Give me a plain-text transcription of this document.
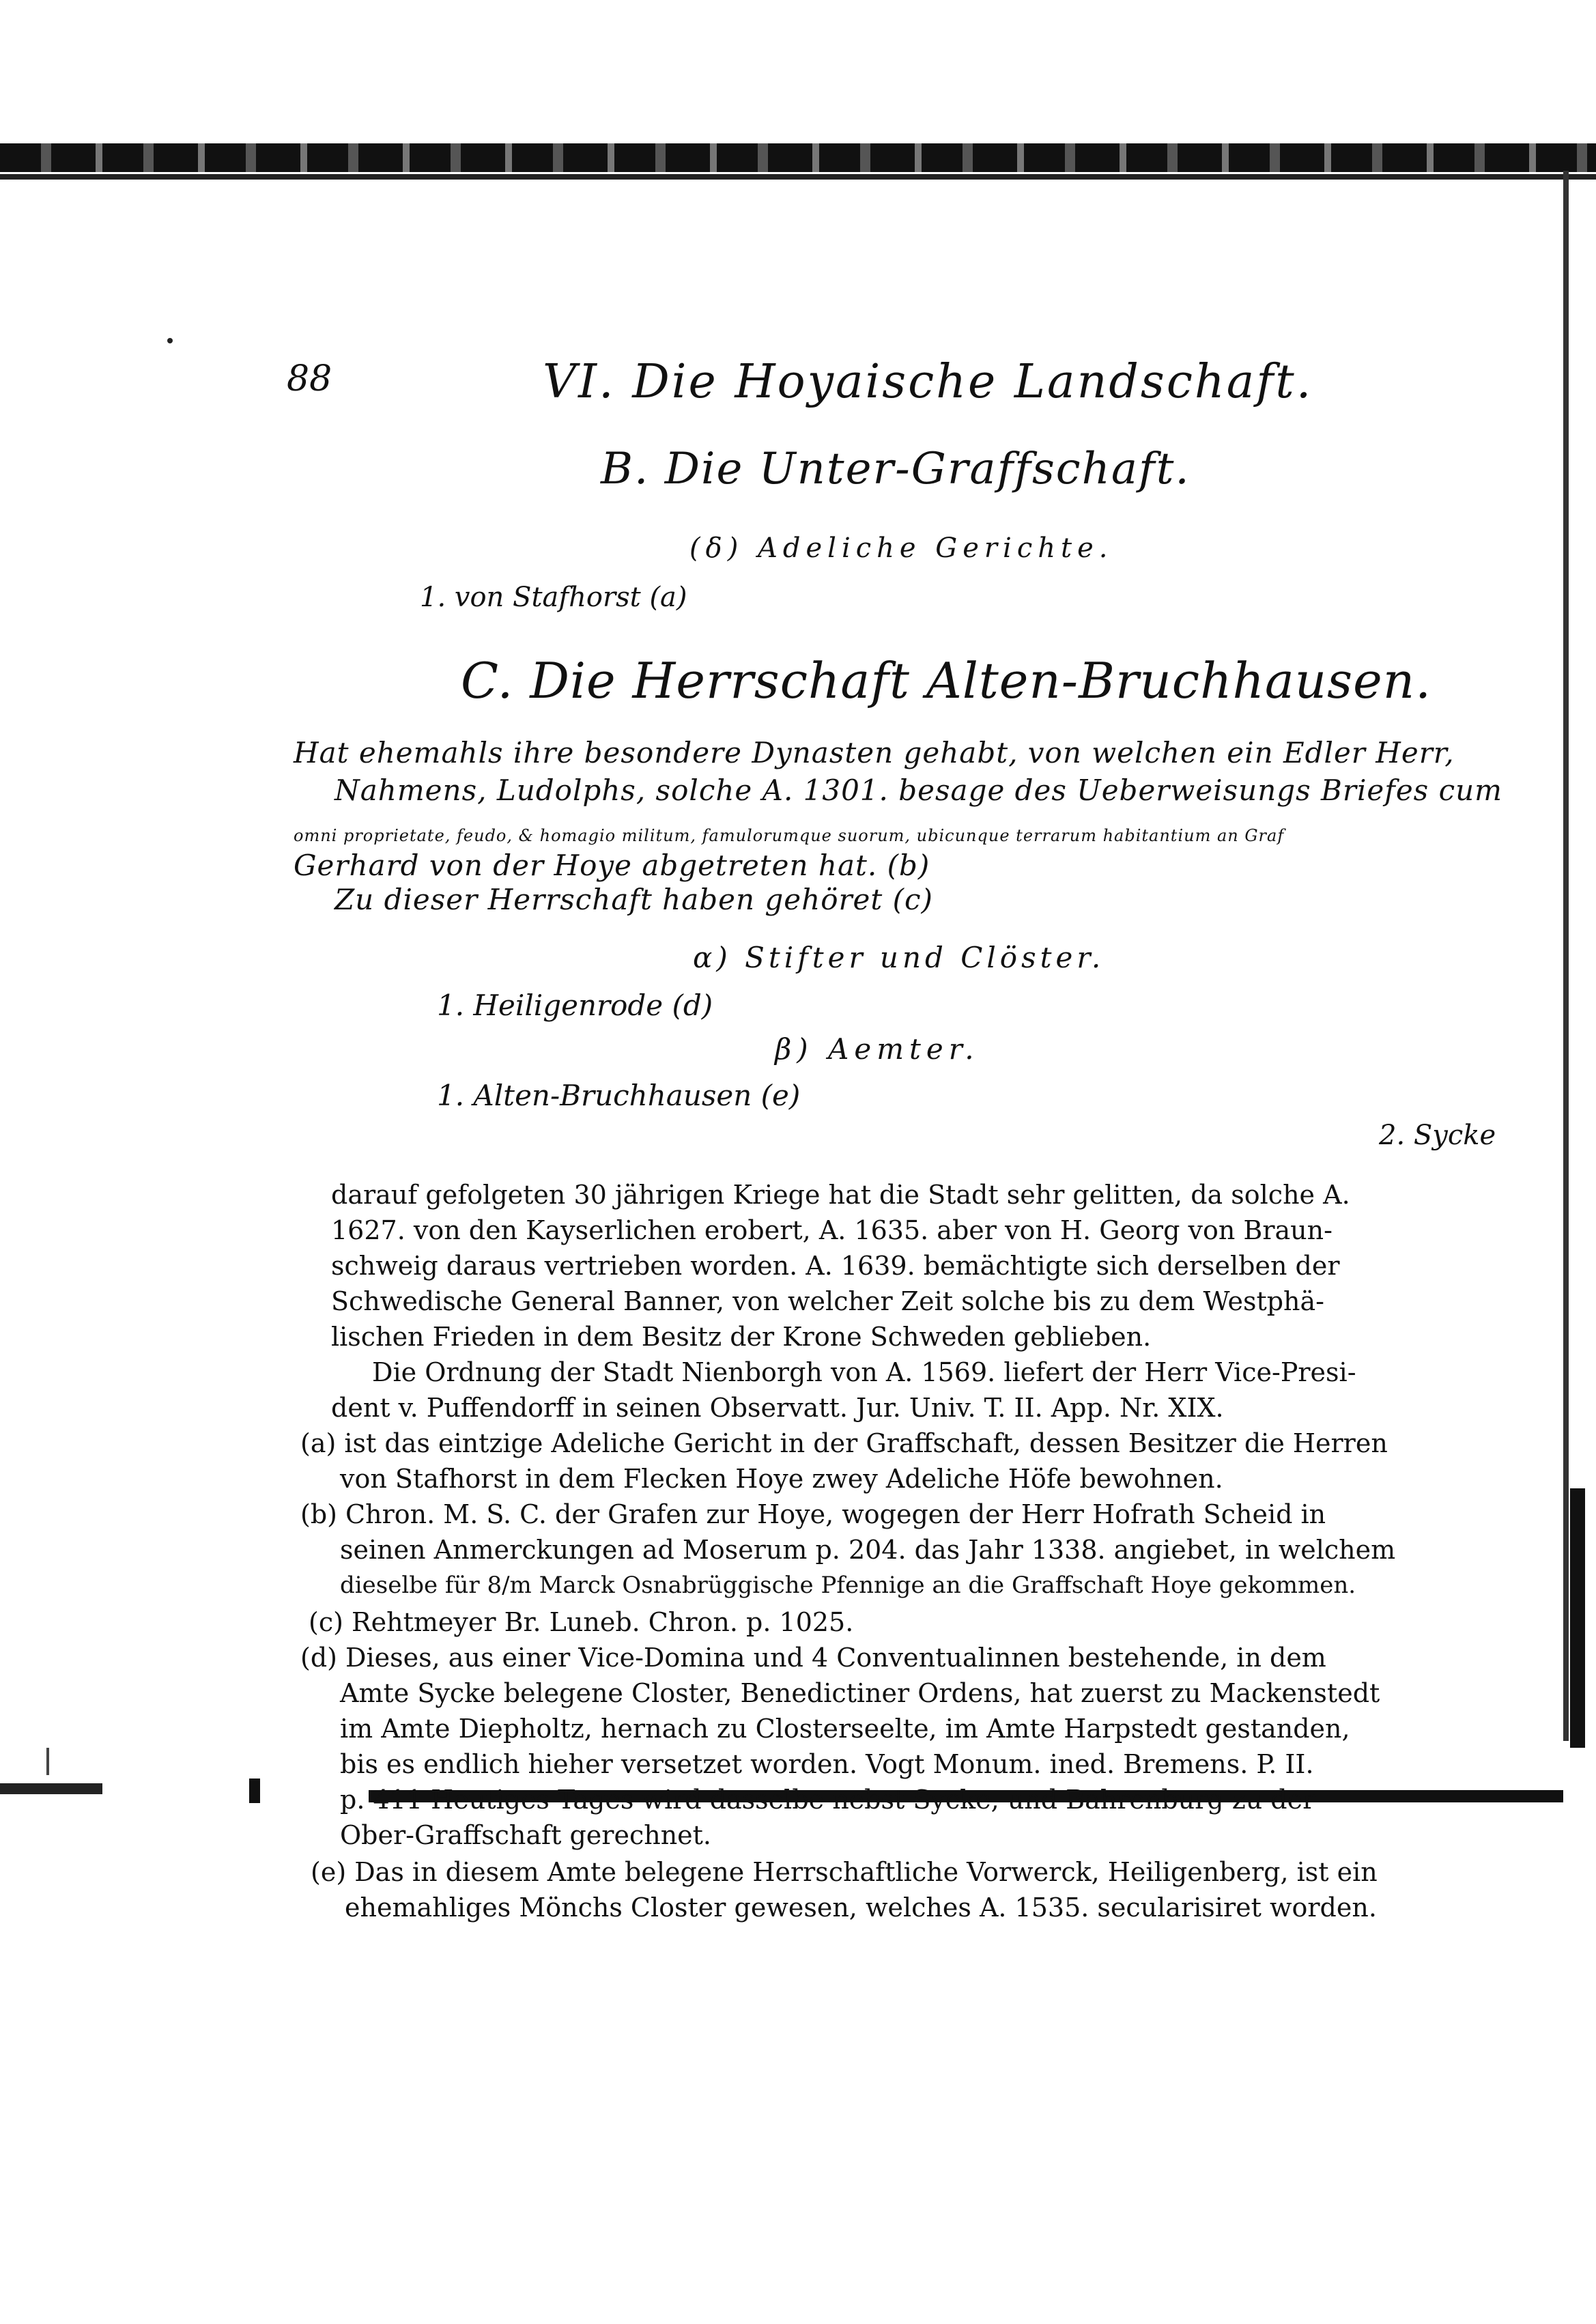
88	VI. Die Hoyaische Landschaft.
B. Die Unter-Graffschaft.
(δ) Adeliche Gerichte.
1. von Stafhorst (a)
C. Die Herrschaft Alten-Bruchhausen.
Hat ehemahls ihre besondere Dynasten gehabt, von welchen ein Edler Herr,
Nahmens, Ludolphs, solche A. 1301. besage des Ueberweisungs Briefes cum
omni proprietate, feudo, & homagio militum, famulorumque suorum, ubicunque terrarum habitantium an Graf
Gerhard von der Hoye abgetreten hat. (b)
Zu dieser Herrschaft haben gehöret (c)
α) Stifter und Clöster.
1. Heiligenrode (d)
β) Aemter.
1. Alten-Bruchhausen (e)
2. Sycke
darauf gefolgeten 30 jährigen Kriege hat die Stadt sehr gelitten, da solche A.
1627. von den Kayserlichen erobert, A. 1635. aber von H. Georg von Braun-
schweig daraus vertrieben worden. A. 1639. bemächtigte sich derselben der
Schwedische General Banner, von welcher Zeit solche bis zu dem Westphä-
lischen Frieden in dem Besitz der Krone Schweden geblieben.
Die Ordnung der Stadt Nienborgh von A. 1569. liefert der Herr Vice-Presi-
dent v. Puffendorff in seinen Observatt. Jur. Univ. T. II. App. Nr. XIX.
(a) ist das eintzige Adeliche Gericht in der Graffschaft, dessen Besitzer die Herren
von Stafhorst in dem Flecken Hoye zwey Adeliche Höfe bewohnen.
(b) Chron. M. S. C. der Grafen zur Hoye, wogegen der Herr Hofrath Scheid in
seinen Anmerckungen ad Moserum p. 204. das Jahr 1338. angiebet, in welchem
dieselbe für 8/m Marck Osnabrüggische Pfennige an die Graffschaft Hoye gekommen.
(c) Rehtmeyer Br. Luneb. Chron. p. 1025.
(d) Dieses, aus einer Vice-Domina und 4 Conventualinnen bestehende, in dem
Amte Sycke belegene Closter, Benedictiner Ordens, hat zuerst zu Mackenstedt
im Amte Diepholtz, hernach zu Closterseelte, im Amte Harpstedt gestanden,
bis es endlich hieher versetzet worden. Vogt Monum. ined. Bremens. P. II.
p. 411 Heutiges Tages wird dasselbe nebst Sycke, und Bahrenburg zu der
Ober-Graffschaft gerechnet.
(e) Das in diesem Amte belegene Herrschaftliche Vorwerck, Heiligenberg, ist ein
ehemahliges Mönchs Closter gewesen, welches A. 1535. secularisiret worden.
